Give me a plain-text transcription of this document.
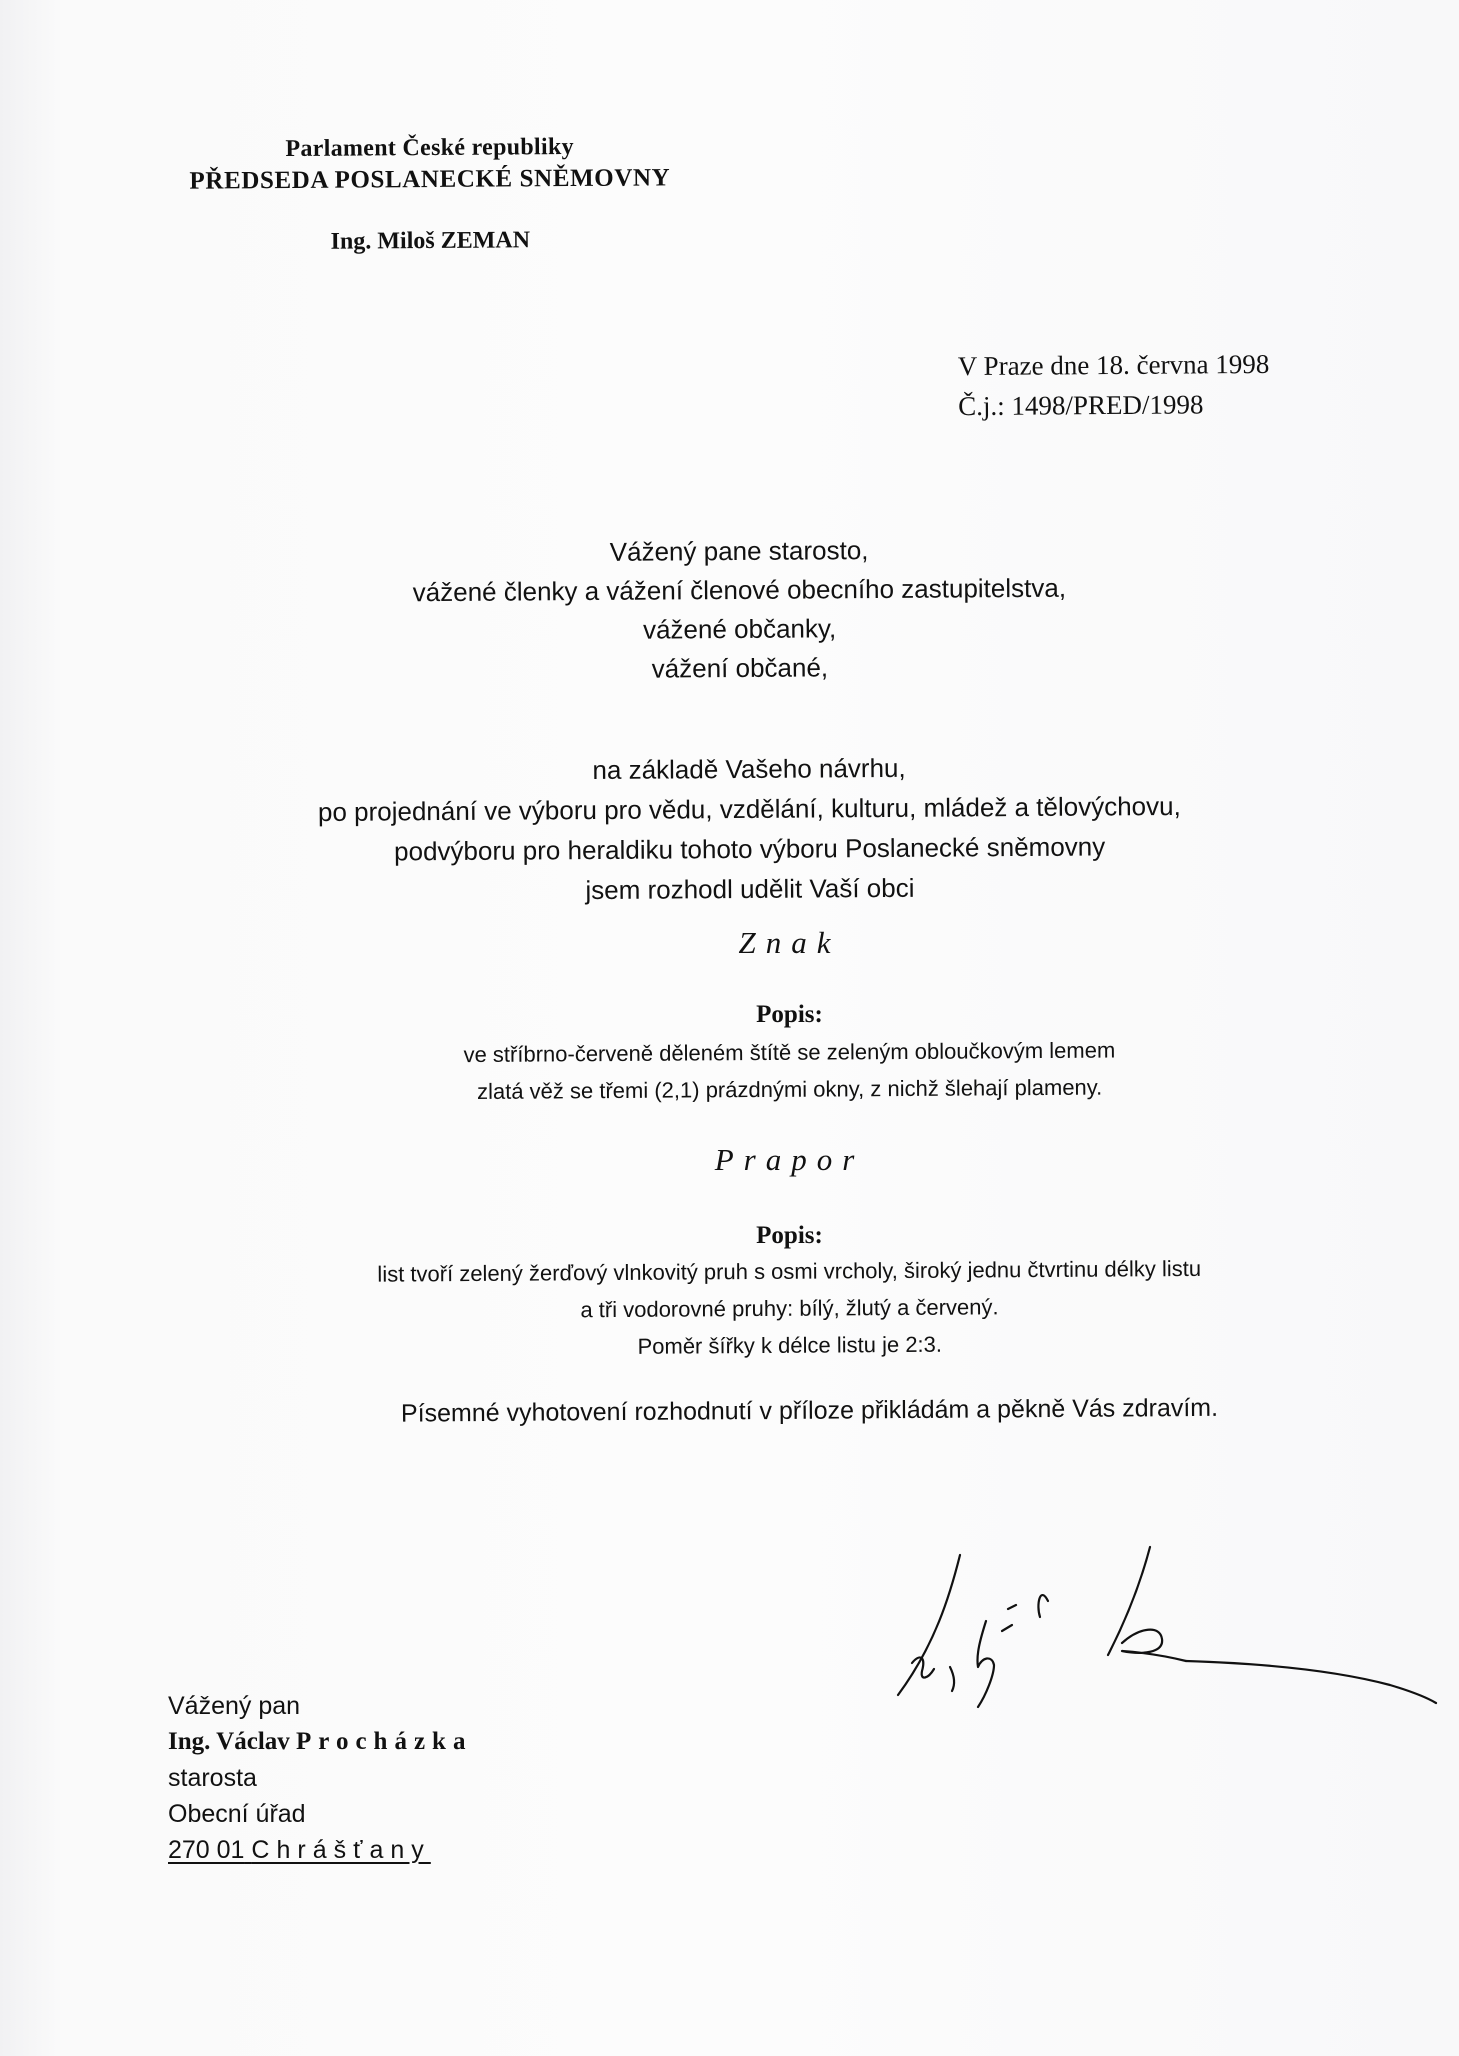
Parlament České republiky
PŘEDSEDA POSLANECKÉ SNĚMOVNY
Ing. Miloš ZEMAN
V Praze dne 18. června 1998
Č.j.: 1498/PRED/1998
Vážený pane starosto,
vážené členky a vážení členové obecního zastupitelstva,
vážené občanky,
vážení občané,
na základě Vašeho návrhu,
po projednání ve výboru pro vědu, vzdělání, kulturu, mládež a tělovýchovu,
podvýboru pro heraldiku tohoto výboru Poslanecké sněmovny
jsem rozhodl udělit Vaší obci
Znak
Popis:
ve stříbrno-červeně děleném štítě se zeleným obloučkovým lemem
zlatá věž se třemi (2,1) prázdnými okny, z nichž šlehají plameny.
Prapor
Popis:
list tvoří zelený žerďový vlnkovitý pruh s osmi vrcholy, široký jednu čtvrtinu délky listu
a tři vodorovné pruhy: bílý, žlutý a červený.
Poměr šířky k délce listu je 2:3.
Písemné vyhotovení rozhodnutí v příloze přikládám a pěkně Vás zdravím.
Vážený pan
Ing. Václav Procházka
starosta
Obecní úřad
270 01 Chrášťany
